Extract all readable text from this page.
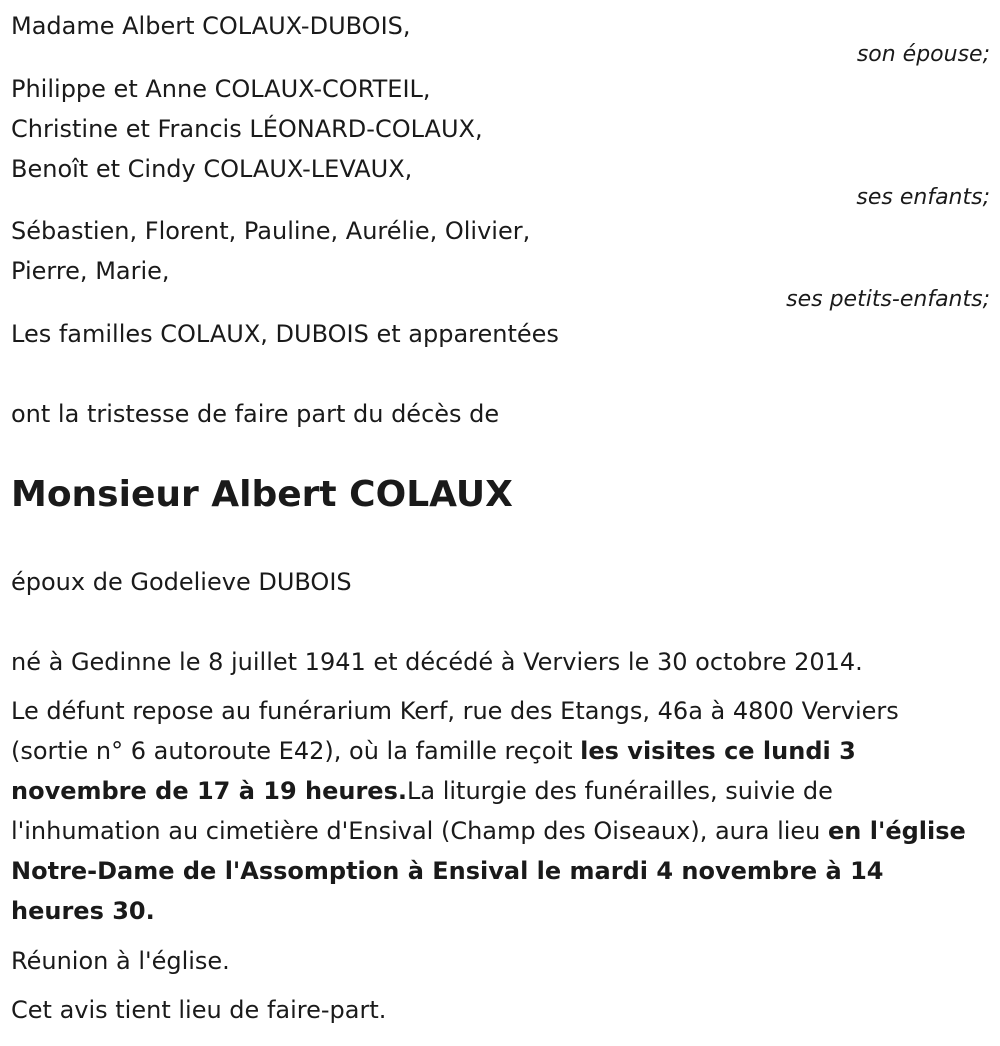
Madame Albert COLAUX-DUBOIS,

son épouse;

Philippe et Anne COLAUX-CORTEIL,

Christine et Francis LÉONARD-COLAUX,

Benoît et Cindy COLAUX-LEVAUX,

ses enfants;

Sébastien, Florent, Pauline, Aurélie, Olivier,

Pierre, Marie,

ses petits-enfants;

Les familles COLAUX, DUBOIS et apparentées

ont la tristesse de faire part du décès de

Monsieur Albert COLAUX

époux de Godelieve DUBOIS

né à Gedinne le 8 juillet 1941 et décédé à Verviers le 30 octobre 2014.

Le défunt repose au funérarium Kerf, rue des Etangs, 46a à 4800 Verviers (sortie n° 6 autoroute E42), où la famille reçoit les visites ce lundi 3 novembre de 17 à 19 heures.La liturgie des funérailles, suivie de l'inhumation au cimetière d'Ensival (Champ des Oiseaux), aura lieu en l'église Notre-Dame de l'Assomption à Ensival le mardi 4 novembre à 14 heures 30.

Réunion à l'église.

Cet avis tient lieu de faire-part.
